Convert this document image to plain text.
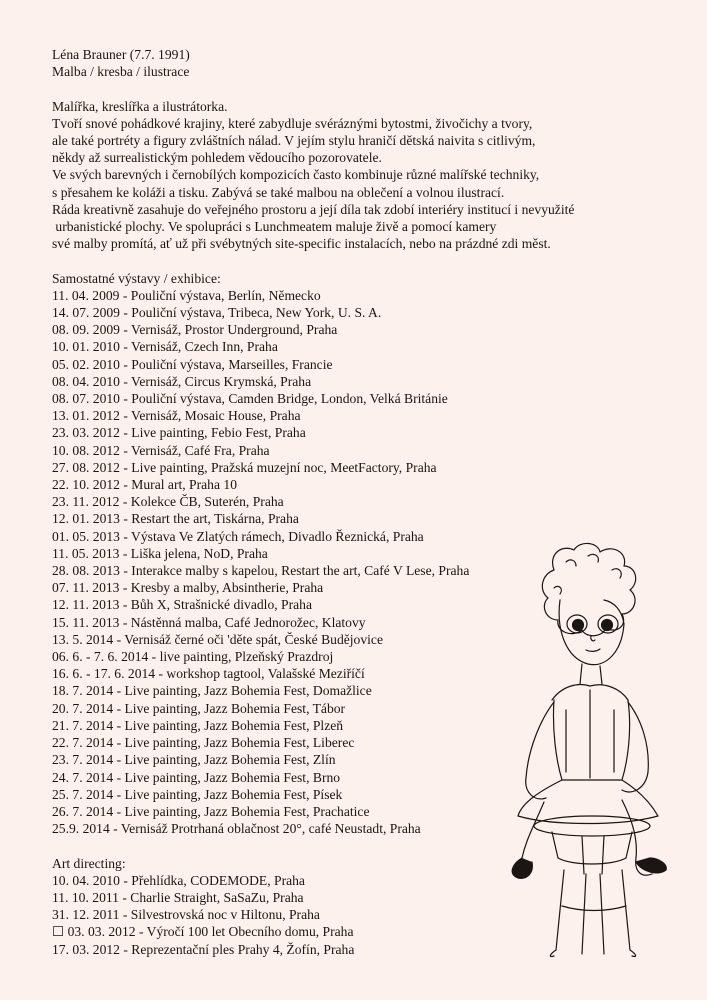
Léna Brauner (7.7. 1991)
Malba / kresba / ilustrace
Malířka, kreslířka a ilustrátorka.
Tvoří snové pohádkové krajiny, které zabydluje svéráznými bytostmi, živočichy a tvory,
ale také portréty a figury zvláštních nálad. V jejím stylu hraničí dětská naivita s citlivým,
někdy až surrealistickým pohledem vědoucího pozorovatele.
Ve svých barevných i černobílých kompozicích často kombinuje různé malířské techniky,
s přesahem ke koláži a tisku. Zabývá se také malbou na oblečení a volnou ilustrací.
Ráda kreativně zasahuje do veřejného prostoru a její díla tak zdobí interiéry institucí i nevyužité
urbanistické plochy. Ve spolupráci s Lunchmeatem maluje živě a pomocí kamery
své malby promítá, ať už při svébytných site-specific instalacích, nebo na prázdné zdi měst.
Samostatné výstavy / exhibice:
11. 04. 2009 - Pouliční výstava, Berlín, Německo
14. 07. 2009 - Pouliční výstava, Tribeca, New York, U. S. A.
08. 09. 2009 - Vernisáž, Prostor Underground, Praha
10. 01. 2010 - Vernisáž, Czech Inn, Praha
05. 02. 2010 - Pouliční výstava, Marseilles, Francie
08. 04. 2010 - Vernisáž, Circus Krymská, Praha
08. 07. 2010 - Pouliční výstava, Camden Bridge, London, Velká Británie
13. 01. 2012 - Vernisáž, Mosaic House, Praha
23. 03. 2012 - Live painting, Febio Fest, Praha
10. 08. 2012 - Vernisáž, Café Fra, Praha
27. 08. 2012 - Live painting, Pražská muzejní noc, MeetFactory, Praha
22. 10. 2012 - Mural art, Praha 10
23. 11. 2012 - Kolekce ČB, Suterén, Praha
12. 01. 2013 - Restart the art, Tiskárna, Praha
01. 05. 2013 - Výstava Ve Zlatých rámech, Divadlo Řeznická, Praha
11. 05. 2013 - Liška jelena, NoD, Praha
28. 08. 2013 - Interakce malby s kapelou, Restart the art, Café V Lese, Praha
07. 11. 2013 - Kresby a malby, Absintherie, Praha
12. 11. 2013 - Bůh X, Strašnické divadlo, Praha
15. 11. 2013 - Nástěnná malba, Café Jednorožec, Klatovy
13. 5. 2014 - Vernisáž černé oči 'děte spát, České Budějovice
06. 6. - 7. 6. 2014 - live painting, Plzeňský Prazdroj
16. 6. - 17. 6. 2014 - workshop tagtool, Valašské Meziříčí
18. 7. 2014 - Live painting, Jazz Bohemia Fest, Domažlice
20. 7. 2014 - Live painting, Jazz Bohemia Fest, Tábor
21. 7. 2014 - Live painting, Jazz Bohemia Fest, Plzeň
22. 7. 2014 - Live painting, Jazz Bohemia Fest, Liberec
23. 7. 2014 - Live painting, Jazz Bohemia Fest, Zlín
24. 7. 2014 - Live painting, Jazz Bohemia Fest, Brno
25. 7. 2014 - Live painting, Jazz Bohemia Fest, Písek
26. 7. 2014 - Live painting, Jazz Bohemia Fest, Prachatice
25.9. 2014 - Vernisáž Protrhaná oblačnost 20°, café Neustadt, Praha
Art directing:
10. 04. 2010 - Přehlídka, CODEMODE, Praha
11. 10. 2011 - Charlie Straight, SaSaZu, Praha
31. 12. 2011 - Silvestrovská noc v Hiltonu, Praha
☐ 03. 03. 2012 - Výročí 100 let Obecního domu, Praha
17. 03. 2012 - Reprezentační ples Prahy 4, Žofín, Praha
